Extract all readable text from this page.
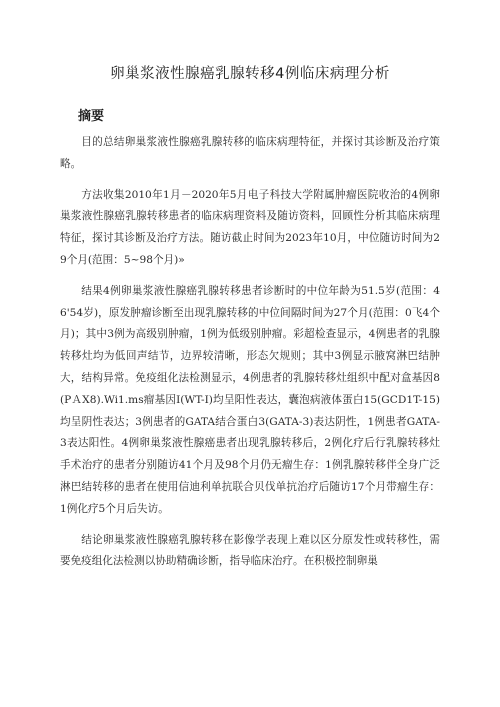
卵巢浆液性腺癌乳腺转移4例临床病理分析
摘要

目的总结卵巢浆液性腺癌乳腺转移的临床病理特征，并探讨其诊断及治疗策略。

方法收集2010年1月－2020年5月电子科技大学附属肿瘤医院收治的4例卵巢浆液性腺癌乳腺转移患者的临床病理资料及随访资料，回顾性分析其临床病理特征，探讨其诊断及治疗方法。随访截止时间为2023年10月，中位随访时间为29个月(范围：5~98个月)»

结果4例卵巢浆液性腺癌乳腺转移患者诊断时的中位年龄为51.5岁(范围：46'54岁)，原发肿瘤诊断至出现乳腺转移的中位间隔时间为27个月(范围：0飞4个月)；其中3例为高级别肿瘤，1例为低级别肿瘤。彩超检查显示，4例患者的乳腺转移灶均为低回声结节，边界较清晰，形态欠规则；其中3例显示腋窝淋巴结肿大，结构异常。免疫组化法检测显示，4例患者的乳腺转移灶组织中配对盒基因8(PＡX8).Wi1.ms瘤基因I(WT-I)均呈阳性表达，囊泡病液体蛋白15(GCD1T-15)均呈阴性表达；3例患者的GATA结合蛋白3(GATA-3)表达阴性，1例患者GATA-3表达阳性。4例卵巢浆液性腺癌患者出现乳腺转移后，2例化疗后行乳腺转移灶手术治疗的患者分别随访41个月及98个月仍无瘤生存：1例乳腺转移伴全身广泛淋巴结转移的患者在使用信迪利单抗联合贝伐单抗治疗后随访17个月带瘤生存：1例化疗5个月后失访。

结论卵巢浆液性腺癌乳腺转移在影像学表现上难以区分原发性或转移性，需要免疫组化法检测以协助精确诊断，指导临床治疗。在积极控制卵巢
